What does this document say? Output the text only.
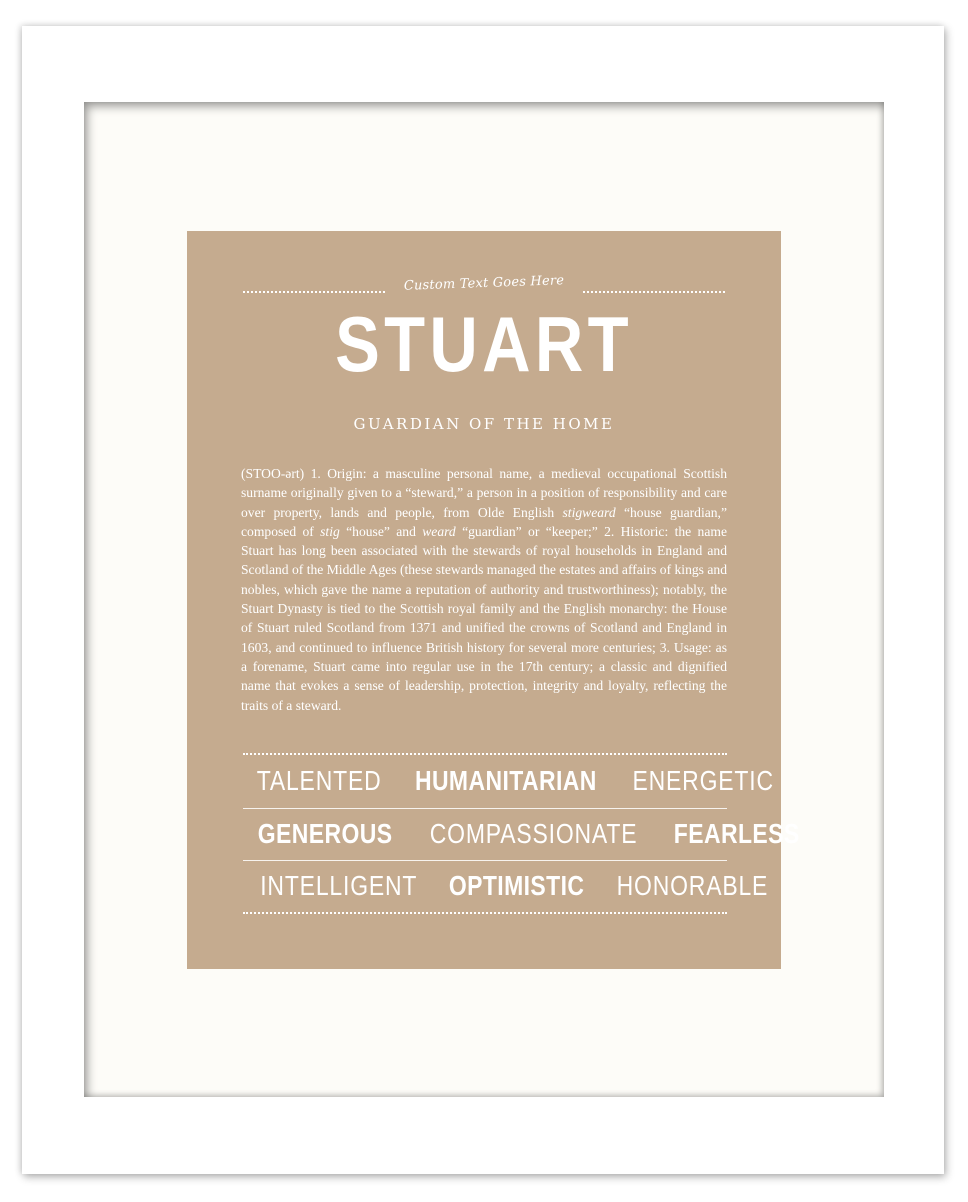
Custom Text Goes Here
STUART
GUARDIAN OF THE HOME
(STOO-ərt) 1. Origin: a masculine personal name, a medieval occupational Scottish surname originally given to a “steward,” a person in a position of responsibility and care over property, lands and people, from Olde English stigweard “house guardian,” composed of stig “house” and weard “guardian” or “keeper;” 2. Historic: the name Stuart has long been associated with the stewards of royal households in England and Scotland of the Middle Ages (these stewards managed the estates and affairs of kings and nobles, which gave the name a reputation of authority and trustworthiness); notably, the Stuart Dynasty is tied to the Scottish royal family and the English monarchy: the House of Stuart ruled Scotland from 1371 and unified the crowns of Scotland and England in 1603, and continued to influence British history for several more centuries; 3. Usage: as a forename, Stuart came into regular use in the 17th century; a classic and dignified name that evokes a sense of leadership, protection, integrity and loyalty, reflecting the traits of a steward.
TALENTED	HUMANITARIAN	ENERGETIC
GENEROUS	COMPASSIONATE	FEARLESS
INTELLIGENT	OPTIMISTIC	HONORABLE
